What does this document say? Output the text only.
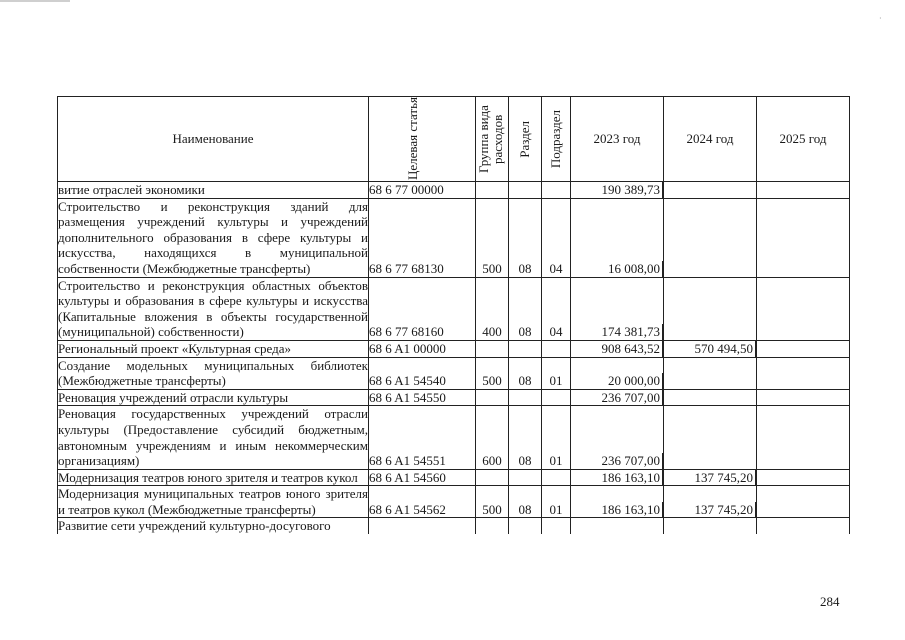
·
Наименование	Целевая статья	Группа вида расходов	Раздел	Подраздел	2023 год	2024 год	2025 год
витие отраслей экономики	68 6 77 00000				190 389,73		
Строительство и реконструкция зданий для размещения учреждений культуры и учреждений дополнительного образования в сфере культуры и искусства, находящихся в муниципальной собственности (Межбюджетные трансферты)	68 6 77 68130	500	08	04	16 008,00		
Строительство и реконструкция областных объектов культуры и образования в сфере культуры и искусства (Капитальные вложения в объекты государственной (муниципальной) собственности)	68 6 77 68160	400	08	04	174 381,73		
Региональный проект «Культурная среда»	68 6 A1 00000				908 643,52	570 494,50	
Создание модельных муниципальных библиотек (Межбюджетные трансферты)	68 6 A1 54540	500	08	01	20 000,00		
Реновация учреждений отрасли культуры	68 6 A1 54550				236 707,00		
Реновация государственных учреждений отрасли культуры (Предоставление субсидий бюджетным, автономным учреждениям и иным некоммерческим организациям)	68 6 A1 54551	600	08	01	236 707,00		
Модернизация театров юного зрителя и театров кукол	68 6 A1 54560				186 163,10	137 745,20	
Модернизация муниципальных театров юного зрителя и театров кукол (Межбюджетные трансферты)	68 6 A1 54562	500	08	01	186 163,10	137 745,20	
Развитие сети учреждений культурно-досугового							
284
